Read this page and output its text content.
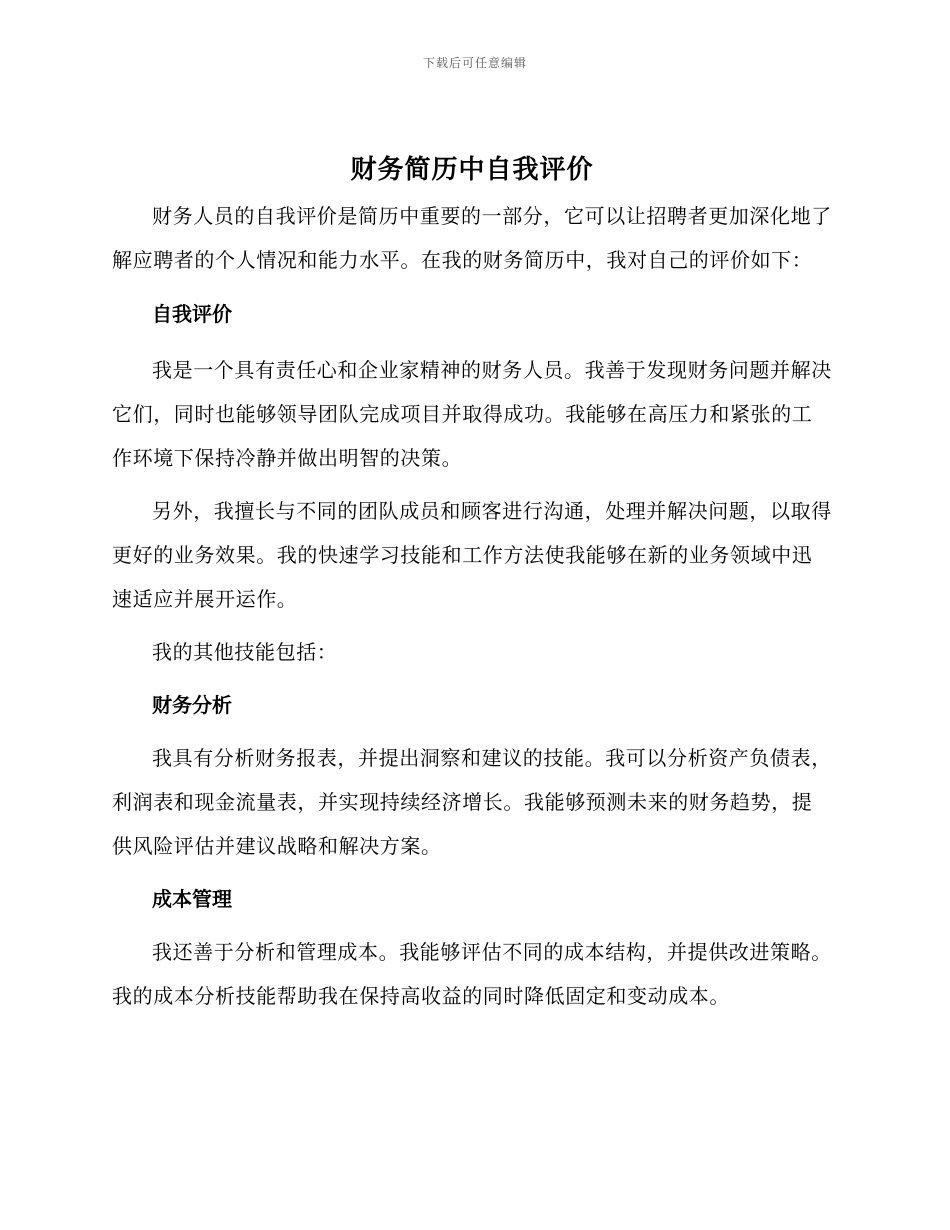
下载后可任意编辑
财务简历中自我评价

财务人员的自我评价是简历中重要的一部分，它可以让招聘者更加深化地了解应聘者的个人情况和能力水平。在我的财务简历中，我对自己的评价如下：

自我评价

我是一个具有责任心和企业家精神的财务人员。我善于发现财务问题并解决它们，同时也能够领导团队完成项目并取得成功。我能够在高压力和紧张的工作环境下保持冷静并做出明智的决策。

另外，我擅长与不同的团队成员和顾客进行沟通，处理并解决问题，以取得更好的业务效果。我的快速学习技能和工作方法使我能够在新的业务领域中迅速适应并展开运作。

我的其他技能包括：

财务分析

我具有分析财务报表，并提出洞察和建议的技能。我可以分析资产负债表，利润表和现金流量表，并实现持续经济增长。我能够预测未来的财务趋势，提供风险评估并建议战略和解决方案。

成本管理

我还善于分析和管理成本。我能够评估不同的成本结构，并提供改进策略。我的成本分析技能帮助我在保持高收益的同时降低固定和变动成本。
